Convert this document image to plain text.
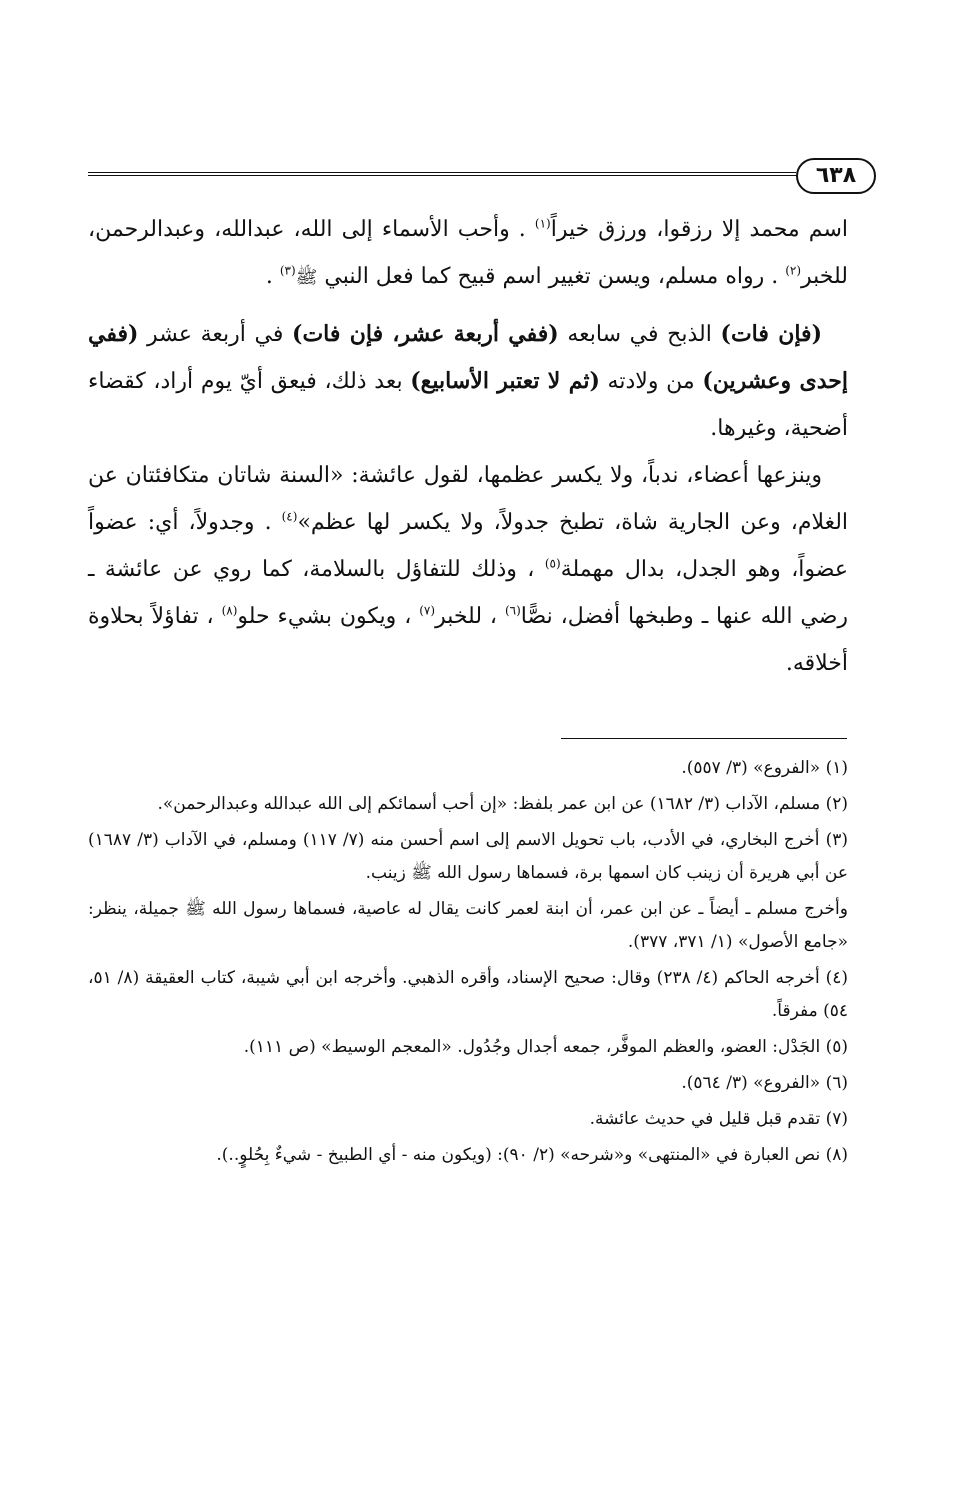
٦٣٨

اسم محمد إلا رزقوا، ورزق خيراً$^{(١)}$ . وأحب الأسماء إلى الله، عبدالله، وعبدالرحمن، للخبر$^{(٢)}$ . رواه مسلم، ويسن تغيير اسم قبيح كما فعل النبي ﷺ$^{(٣)}$ .

(فإن فات) الذبح في سابعه (ففي أربعة عشر، فإن فات) في أربعة عشر (ففي إحدى وعشرين) من ولادته (ثم لا تعتبر الأسابيع) بعد ذلك، فيعق أيّ يوم أراد، كقضاء أضحية، وغيرها.

وينزعها أعضاء، ندباً، ولا يكسر عظمها، لقول عائشة: «السنة شاتان متكافئتان عن الغلام، وعن الجارية شاة، تطبخ جدولاً، ولا يكسر لها عظم»$^{(٤)}$ . وجدولاً، أي: عضواً عضواً، وهو الجدل، بدال مهملة$^{(٥)}$ ، وذلك للتفاؤل بالسلامة، كما روي عن عائشة ـ رضي الله عنها ـ وطبخها أفضل، نصًّا$^{(٦)}$ ، للخبر$^{(٧)}$ ، ويكون بشيء حلو$^{(٨)}$ ، تفاؤلاً بحلاوة أخلاقه.

(١) «الفروع» (٣/ ٥٥٧).

(٢) مسلم، الآداب (٣/ ١٦٨٢) عن ابن عمر بلفظ: «إن أحب أسمائكم إلى الله عبدالله وعبدالرحمن».

(٣) أخرج البخاري، في الأدب، باب تحويل الاسم إلى اسم أحسن منه (٧/ ١١٧) ومسلم، في الآداب (٣/ ١٦٨٧) عن أبي هريرة أن زينب كان اسمها برة، فسماها رسول الله ﷺ زينب.

وأخرج مسلم ـ أيضاً ـ عن ابن عمر، أن ابنة لعمر كانت يقال له عاصية، فسماها رسول الله ﷺ جميلة، ينظر: «جامع الأصول» (١/ ٣٧١، ٣٧٧).

(٤) أخرجه الحاكم (٤/ ٢٣٨) وقال: صحيح الإسناد، وأقره الذهبي. وأخرجه ابن أبي شيبة، كتاب العقيقة (٨/ ٥١، ٥٤) مفرقاً.

(٥) الجَدْل: العضو، والعظم الموفَّر، جمعه أجدال وجُدُول. «المعجم الوسيط» (ص ١١١).

(٦) «الفروع» (٣/ ٥٦٤).

(٧) تقدم قبل قليل في حديث عائشة.

(٨) نص العبارة في «المنتهى» و«شرحه» (٢/ ٩٠): (ويكون منه - أي الطبيخ - شيءٌ بِحُلوٍ..).
